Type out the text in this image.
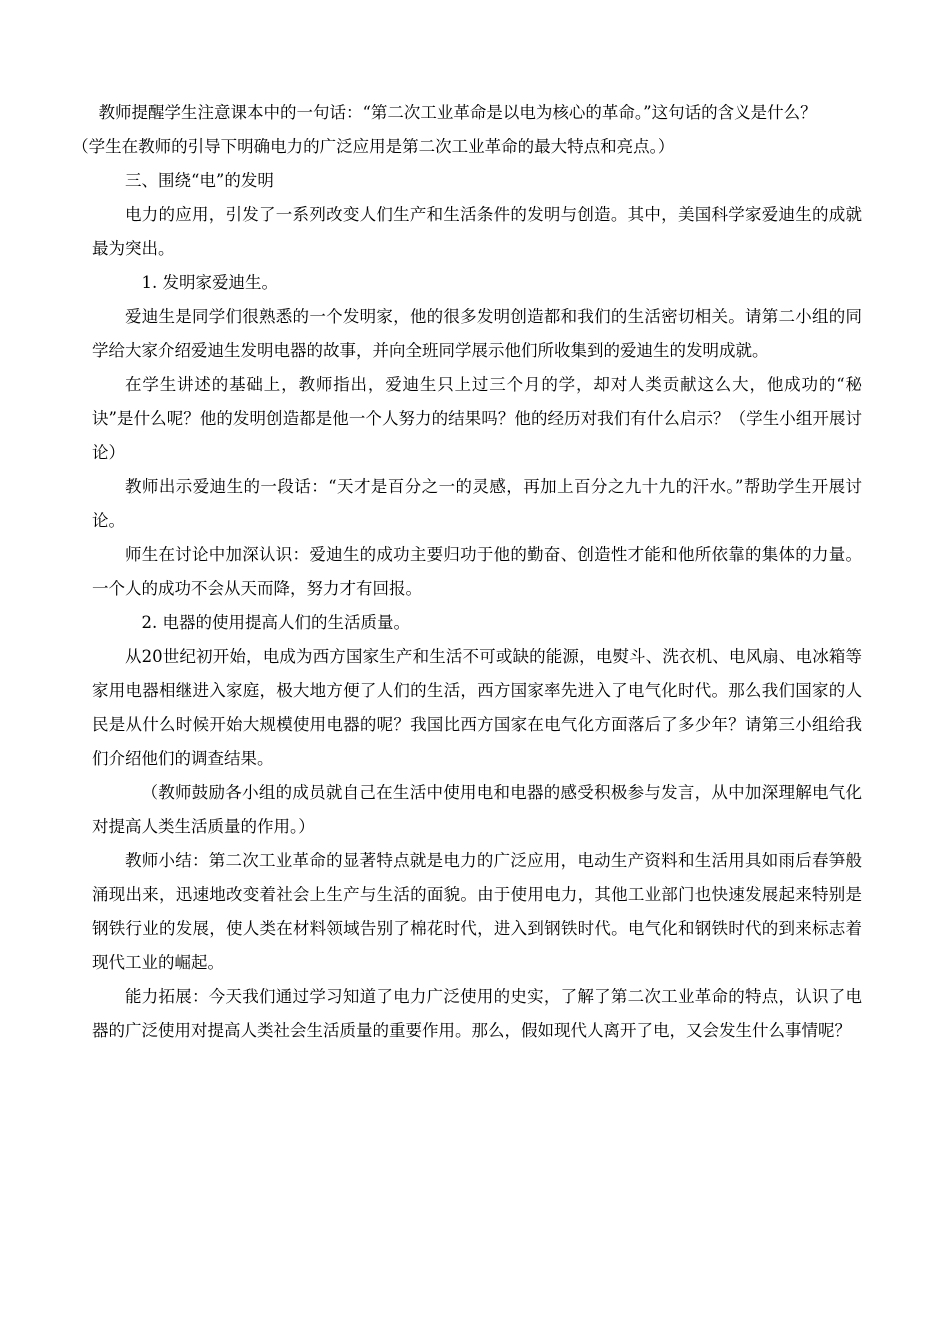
教师提醒学生注意课本中的一句话：“第二次工业革命是以电为核心的革命。”这句话的含义是什么？

（学生在教师的引导下明确电力的广泛应用是第二次工业革命的最大特点和亮点。）

三、围绕“电”的发明

电力的应用，引发了一系列改变人们生产和生活条件的发明与创造。其中，美国科学家爱迪生的成就最为突出。

1. 发明家爱迪生。

爱迪生是同学们很熟悉的一个发明家，他的很多发明创造都和我们的生活密切相关。请第二小组的同学给大家介绍爱迪生发明电器的故事，并向全班同学展示他们所收集到的爱迪生的发明成就。

在学生讲述的基础上，教师指出，爱迪生只上过三个月的学，却对人类贡献这么大，他成功的“秘诀”是什么呢？他的发明创造都是他一个人努力的结果吗？他的经历对我们有什么启示？（学生小组开展讨论）

教师出示爱迪生的一段话：“天才是百分之一的灵感，再加上百分之九十九的汗水。”帮助学生开展讨论。

师生在讨论中加深认识：爱迪生的成功主要归功于他的勤奋、创造性才能和他所依靠的集体的力量。一个人的成功不会从天而降，努力才有回报。

2. 电器的使用提高人们的生活质量。

从20世纪初开始，电成为西方国家生产和生活不可或缺的能源，电熨斗、洗衣机、电风扇、电冰箱等家用电器相继进入家庭，极大地方便了人们的生活，西方国家率先进入了电气化时代。那么我们国家的人民是从什么时候开始大规模使用电器的呢？我国比西方国家在电气化方面落后了多少年？请第三小组给我们介绍他们的调查结果。

（教师鼓励各小组的成员就自己在生活中使用电和电器的感受积极参与发言，从中加深理解电气化对提高人类生活质量的作用。）

教师小结：第二次工业革命的显著特点就是电力的广泛应用，电动生产资料和生活用具如雨后春笋般涌现出来，迅速地改变着社会上生产与生活的面貌。由于使用电力，其他工业部门也快速发展起来特别是钢铁行业的发展，使人类在材料领域告别了棉花时代，进入到钢铁时代。电气化和钢铁时代的到来标志着现代工业的崛起。

能力拓展：今天我们通过学习知道了电力广泛使用的史实，了解了第二次工业革命的特点，认识了电器的广泛使用对提高人类社会生活质量的重要作用。那么，假如现代人离开了电，又会发生什么事情呢？
